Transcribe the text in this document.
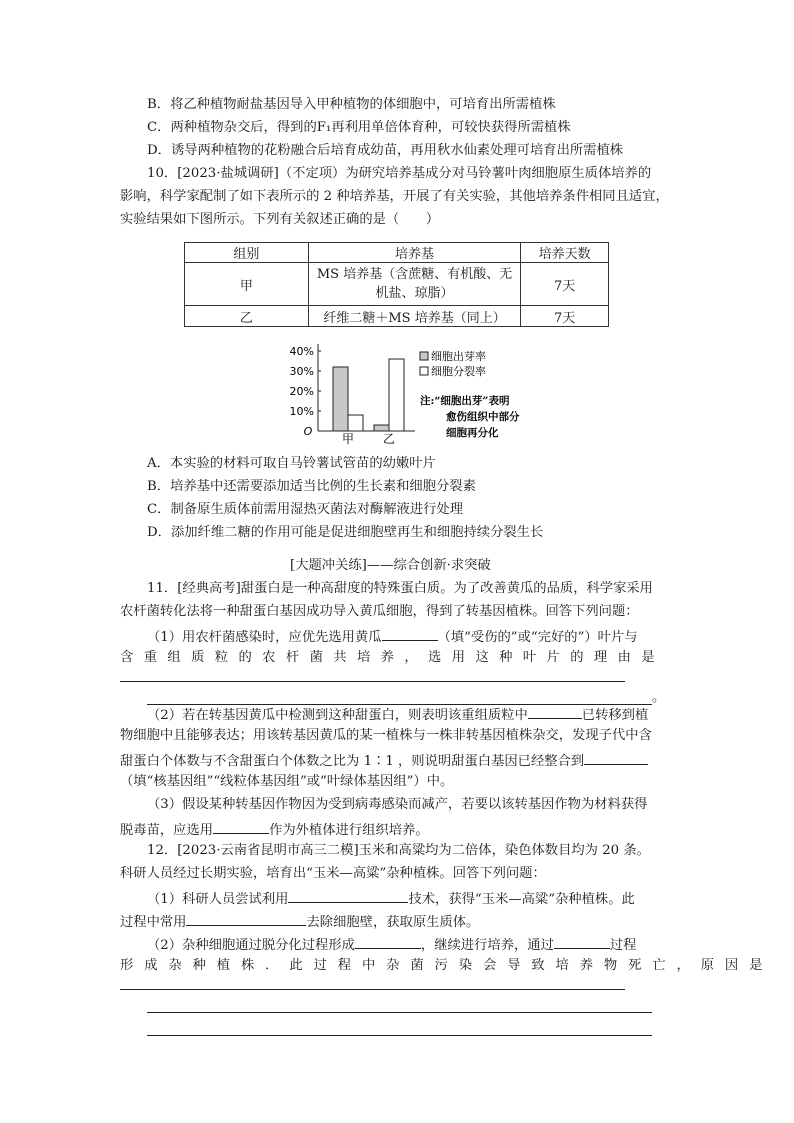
B．将乙种植物耐盐基因导入甲种植物的体细胞中，可培育出所需植株
C．两种植物杂交后，得到的F₁再利用单倍体育种，可较快获得所需植株
D．诱导两种植物的花粉融合后培育成幼苗，再用秋水仙素处理可培育出所需植株
10．[2023·盐城调研]（不定项）为研究培养基成分对马铃薯叶肉细胞原生质体培养的
影响，科学家配制了如下表所示的 2 种培养基，开展了有关实验，其他培养条件相同且适宜，
实验结果如下图所示。下列有关叙述正确的是（　　）
组别	培养基	培养天数
甲	MS 培养基（含蔗糖、有机酸、无
机盐、琼脂）	7天
乙	纤维二糖＋MS 培养基（同上）	7天
40%
30%
20%
10%
O
甲 乙
细胞出芽率
细胞分裂率
注:“细胞出芽”表明
愈伤组织中部分
细胞再分化
A．本实验的材料可取自马铃薯试管苗的幼嫩叶片
B．培养基中还需要添加适当比例的生长素和细胞分裂素
C．制备原生质体前需用湿热灭菌法对酶解液进行处理
D．添加纤维二糖的作用可能是促进细胞壁再生和细胞持续分裂生长
[大题冲关练]——综合创新·求突破
11．[经典高考]甜蛋白是一种高甜度的特殊蛋白质。为了改善黄瓜的品质，科学家采用
农杆菌转化法将一种甜蛋白基因成功导入黄瓜细胞，得到了转基因植株。回答下列问题：
（1）用农杆菌感染时，应优先选用黄瓜	（填“受伤的”或“完好的”）叶片与
含重组质粒的农杆菌共培养，选用这种叶片的理由是
。
（2）若在转基因黄瓜中检测到这种甜蛋白，则表明该重组质粒中	已转移到植
物细胞中且能够表达；用该转基因黄瓜的某一植株与一株非转基因植株杂交，发现子代中含
甜蛋白个体数与不含甜蛋白个体数之比为 1∶1 ，则说明甜蛋白基因已经整合到
（填“核基因组”“线粒体基因组”或“叶绿体基因组”）中。
（3）假设某种转基因作物因为受到病毒感染而减产，若要以该转基因作物为材料获得
脱毒苗，应选用	作为外植体进行组织培养。
12．[2023·云南省昆明市高三二模]玉米和高粱均为二倍体，染色体数目均为 20 条。
科研人员经过长期实验，培育出“玉米—高粱”杂种植株。回答下列问题：
（1）科研人员尝试利用	技术，获得“玉米—高粱”杂种植株。此
过程中常用	去除细胞壁，获取原生质体。
（2）杂种细胞通过脱分化过程形成	，继续进行培养，通过	过程
形成杂种植株．此过程中杂菌污染会导致培养物死亡，原因是
